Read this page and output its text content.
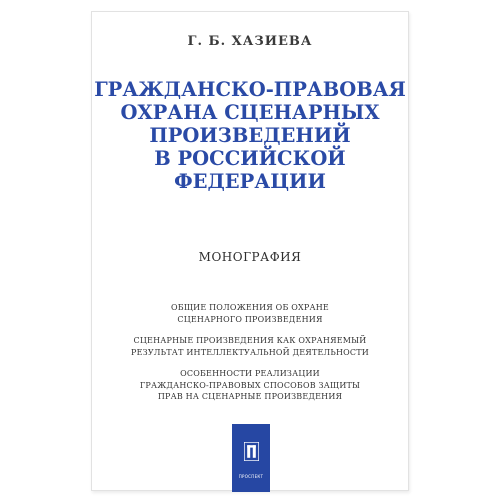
Г. Б. ХАЗИЕВА
ГРАЖДАНСКО-ПРАВОВАЯ
ОХРАНА СЦЕНАРНЫХ
ПРОИЗВЕДЕНИЙ
В РОССИЙСКОЙ
ФЕДЕРАЦИИ
МОНОГРАФИЯ
ОБЩИЕ ПОЛОЖЕНИЯ ОБ ОХРАНЕ
СЦЕНАРНОГО ПРОИЗВЕДЕНИЯ
СЦЕНАРНЫЕ ПРОИЗВЕДЕНИЯ КАК ОХРАНЯЕМЫЙ
РЕЗУЛЬТАТ ИНТЕЛЛЕКТУАЛЬНОЙ ДЕЯТЕЛЬНОСТИ
ОСОБЕННОСТИ РЕАЛИЗАЦИИ
ГРАЖДАНСКО-ПРАВОВЫХ СПОСОБОВ ЗАЩИТЫ
ПРАВ НА СЦЕНАРНЫЕ ПРОИЗВЕДЕНИЯ
ПРОСПЕКТ
